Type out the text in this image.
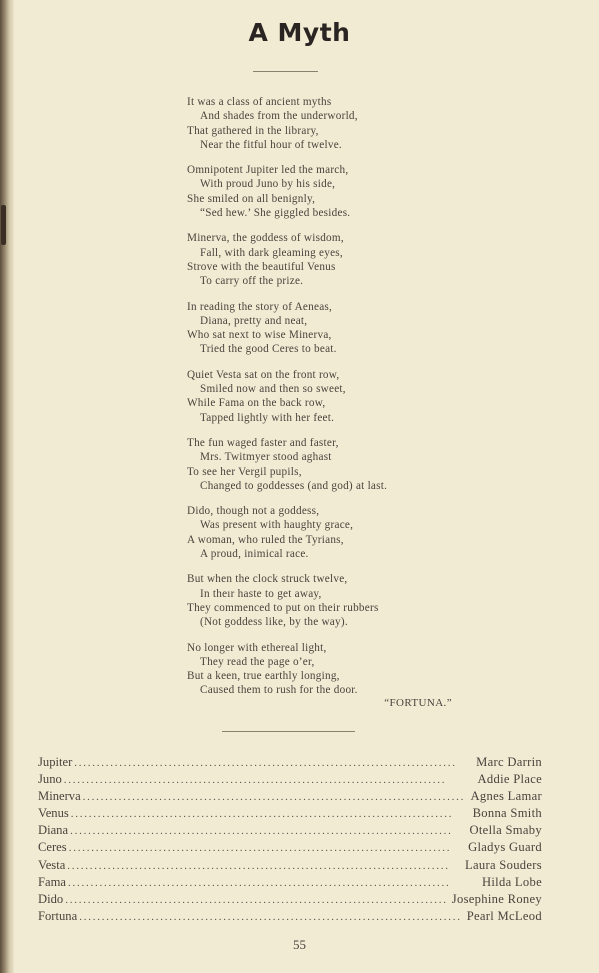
A Myth
It was a class of ancient myths
And shades from the underworld,
That gathered in the library,
Near the fitful hour of twelve.
Omnipotent Jupiter led the march,
With proud Juno by his side,
She smiled on all benignly,
“Sed hew.’ She giggled besides.
Minerva, the goddess of wisdom,
Fall, with dark gleaming eyes,
Strove with the beautiful Venus
To carry off the prize.
In reading the story of Aeneas,
Diana, pretty and neat,
Who sat next to wise Minerva,
Tried the good Ceres to beat.
Quiet Vesta sat on the front row,
Smiled now and then so sweet,
While Fama on the back row,
Tapped lightly with her feet.
The fun waged faster and faster,
Mrs. Twitmyer stood aghast
To see her Vergil pupils,
Changed to goddesses (and god) at last.
Dido, though not a goddess,
Was present with haughty grace,
A woman, who ruled the Tyrians,
A proud, inimical race.
But when the clock struck twelve,
In theır haste to get away,
They commenced to put on their rubbers
(Not goddess like, by the way).
No longer with ethereal light,
They read the page o’er,
But a keen, true earthly longing,
Caused them to rush for the door.
“FORTUNA.”
Jupiter . . .	Marc Darrin
Juno . . .	Addie Place
Minerva . . .	Agnes Lamar
Venus . . .	Bonna Smith
Diana . . .	Otella Smaby
Ceres . . .	Gladys Guard
Vesta . . .	Laura Souders
Fama . . .	Hilda Lobe
Dido . . .	Josephine Roney
Fortuna . . .	Pearl McLeod
55
